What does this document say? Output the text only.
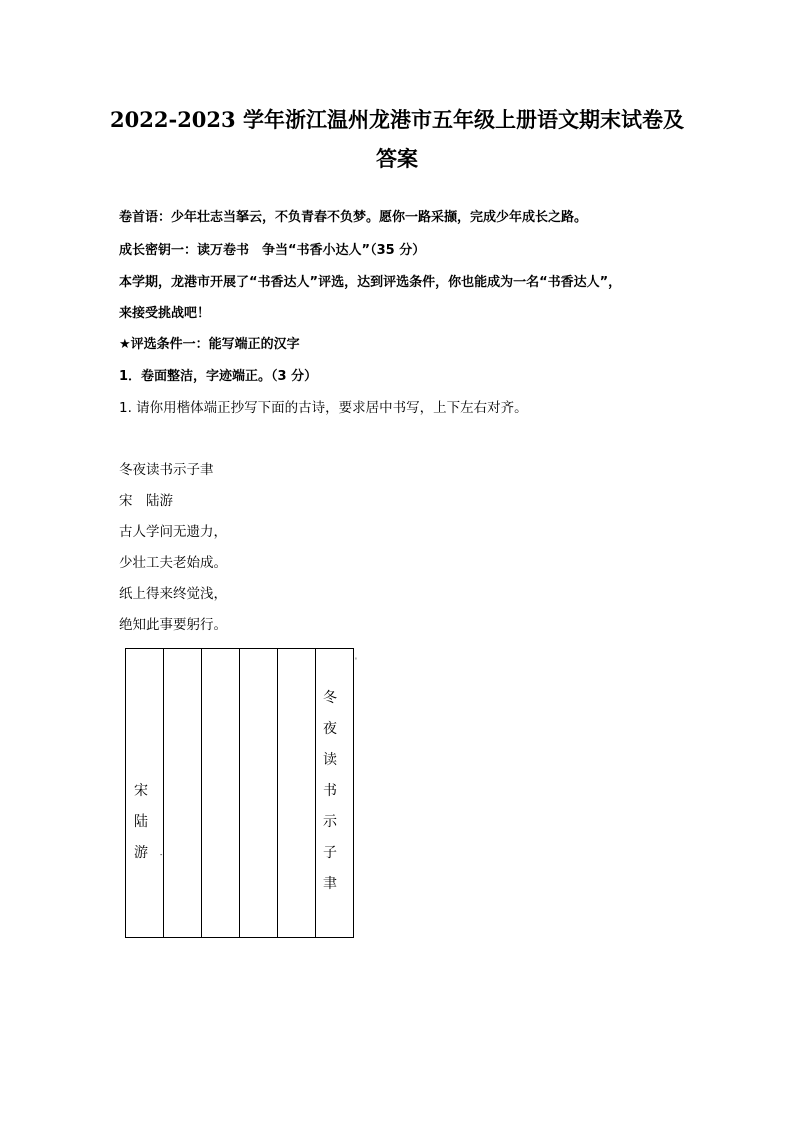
2022-2023 学年浙江温州龙港市五年级上册语文期末试卷及
答案
卷首语：少年壮志当拏云，不负青春不负梦。愿你一路采撷，完成少年成长之路。
成长密钥一：读万卷书　争当“书香小达人”（35 分）
本学期，龙港市开展了“书香达人”评选，达到评选条件，你也能成为一名“书香达人”，
来接受挑战吧！
★评选条件一：能写端正的汉字
1．卷面整洁，字迹端正。（3 分）
1. 请你用楷体端正抄写下面的古诗，要求居中书写，上下左右对齐。
冬夜读书示子聿
宋　陆游
古人学问无遗力，
少壮工夫老始成。
纸上得来终觉浅，
绝知此事要躬行。
'
冬
夜
读
书
示
子
聿
宋
陆
游 -
